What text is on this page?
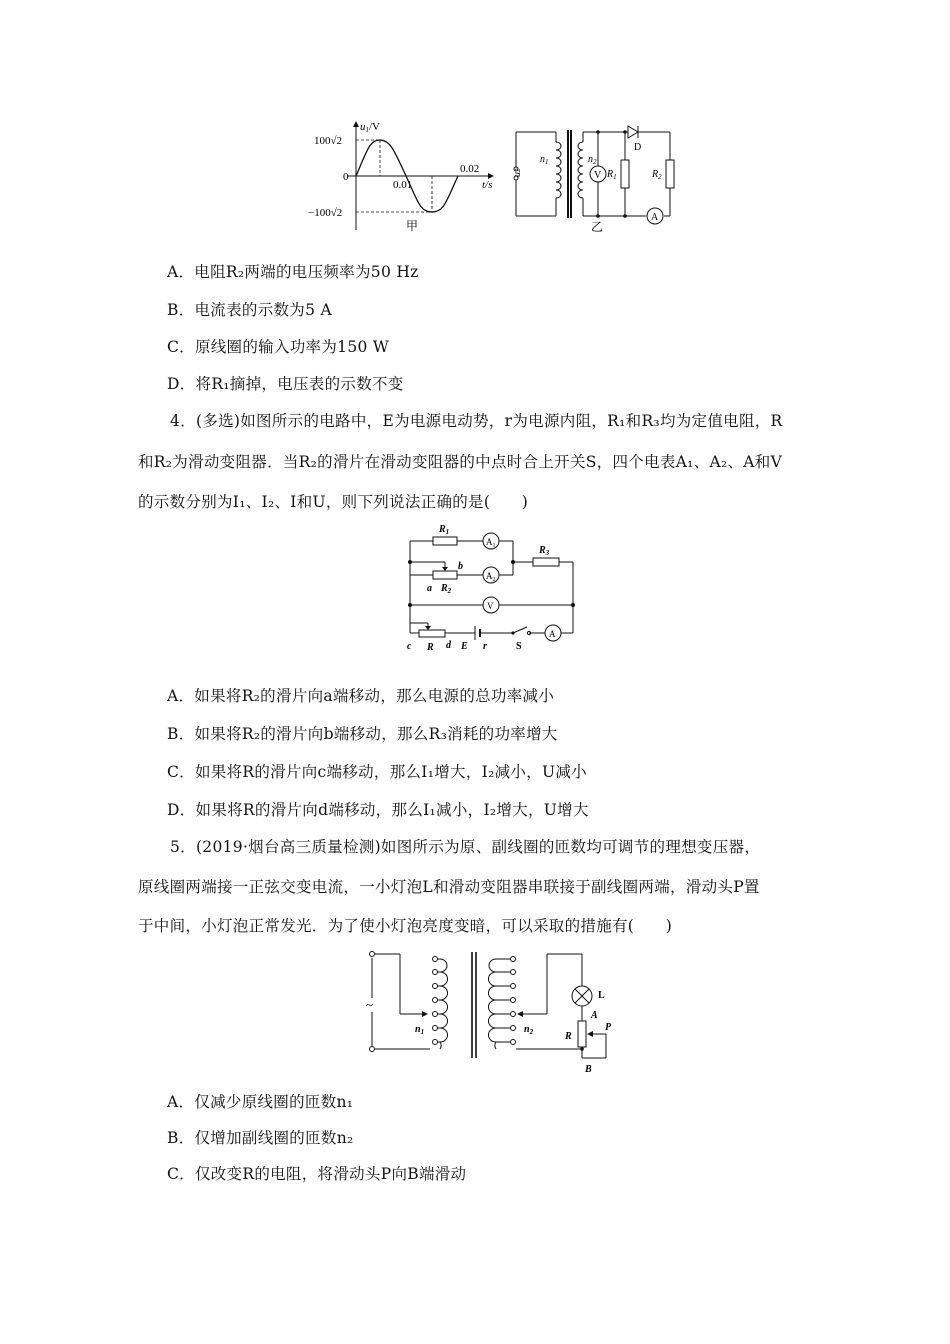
u1/V
100√2
0
−100√2
0.01
0.02
t/s
甲
u2
$n_1$	$n_2$
V $R_1$
D
$R_2$
A
乙
A．电阻R₂两端的电压频率为50 Hz
B．电流表的示数为5 A
C．原线圈的输入功率为150 W
D．将R₁摘掉，电压表的示数不变
4．(多选)如图所示的电路中，E为电源电动势，r为电源内阻，R₁和R₃均为定值电阻，R
和R₂为滑动变阻器．当R₂的滑片在滑动变阻器的中点时合上开关S，四个电表A₁、A₂、A和V
的示数分别为I₁、I₂、I和U，则下列说法正确的是(　　)
$A_1$
$R_1$
$A_2$
a
b
$R_2$
$R_3$
V
A
c R d E r	S
A．如果将R₂的滑片向a端移动，那么电源的总功率减小
B．如果将R₂的滑片向b端移动，那么R₃消耗的功率增大
C．如果将R的滑片向c端移动，那么I₁增大，I₂减小，U减小
D．如果将R的滑片向d端移动，那么I₁减小，I₂增大，U增大
5．(2019·烟台高三质量检测)如图所示为原、副线圈的匝数均可调节的理想变压器，
原线圈两端接一正弦交变电流，一小灯泡L和滑动变阻器串联接于副线圈两端，滑动头P置
于中间，小灯泡正常发光．为了使小灯泡亮度变暗，可以采取的措施有(　　)
~
$n_1$	$n_2$
L
A
R
P
B
A．仅减少原线圈的匝数n₁
B．仅增加副线圈的匝数n₂
C．仅改变R的电阻，将滑动头P向B端滑动
